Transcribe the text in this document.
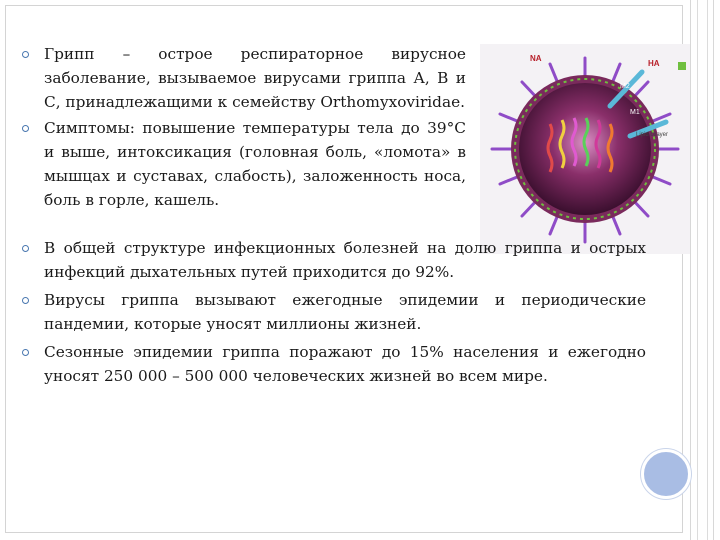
NA
HA
M2
M1
Lipid bilayer
Грипп – острое респираторное вирусное заболевание, вызываемое вирусами гриппа А, В и С, принадлежащими к семейству Orthomyxoviridae.
Симптомы: повышение температуры тела до 39°С и выше, интоксикация (головная боль, «ломота» в мышцах и суставах, слабость), заложенность носа, боль в горле, кашель.
В общей структуре инфекционных болезней на долю гриппа и острых инфекций дыхательных путей приходится до 92%.
Вирусы гриппа вызывают ежегодные эпидемии и периодические пандемии, которые уносят миллионы жизней.
Сезонные эпидемии гриппа поражают до 15% населения и ежегодно уносят 250 000 – 500 000 человеческих жизней во всем мире.
